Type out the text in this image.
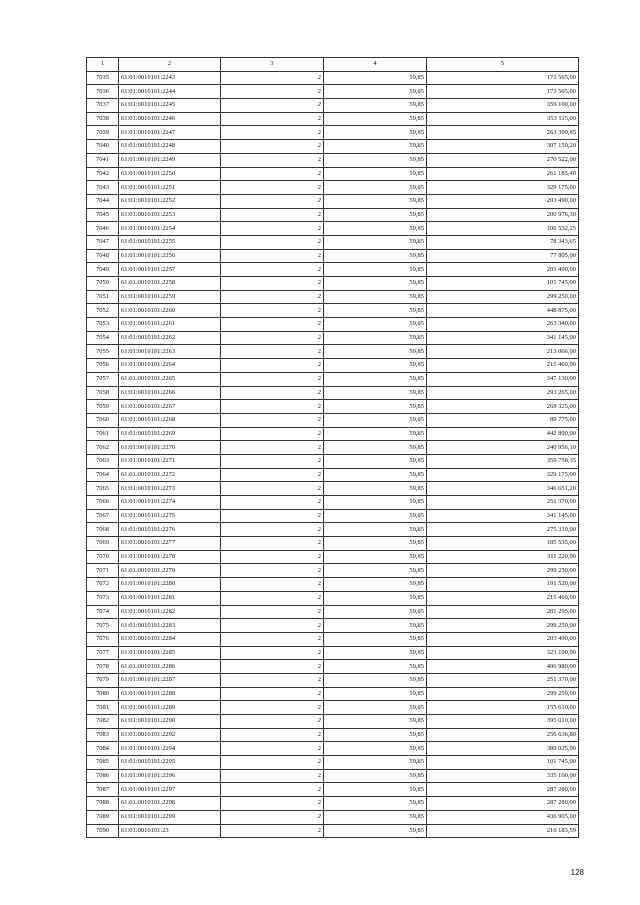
1	2	3	4	5
7035	61:01:0010101:2243	2	59,85	173 565,00
7036	61:01:0010101:2244	2	59,85	173 565,00
7037	61:01:0010101:2245	2	59,85	359 100,00
7038	61:01:0010101:2246	2	59,85	353 115,00
7039	61:01:0010101:2247	2	59,85	263 399,85
7040	61:01:0010101:2248	2	59,85	307 150,20
7041	61:01:0010101:2249	2	59,85	270 522,00
7042	61:01:0010101:2250	2	59,85	261 185,40
7043	61:01:0010101:2251	2	59,85	329 175,00
7044	61:01:0010101:2252	2	59,85	203 490,00
7045	61:01:0010101:2253	2	59,85	200 976,30
7046	61:01:0010101:2254	2	59,85	106 532,25
7047	61:01:0010101:2255	2	59,85	78 343,65
7048	61:01:0010101:2256	2	59,85	77 805,00
7049	61:01:0010101:2257	2	59,85	203 490,00
7050	61:01:0010101:2258	2	59,85	101 745,00
7051	61:01:0010101:2259	2	59,85	299 250,00
7052	61:01:0010101:2260	2	59,85	448 875,00
7053	61:01:0010101:2261	2	59,85	263 340,00
7054	61:01:0010101:2262	2	59,85	341 145,00
7055	61:01:0010101:2263	2	59,85	213 066,00
7056	61:01:0010101:2264	2	59,85	215 460,00
7057	61:01:0010101:2265	2	59,85	347 130,00
7058	61:01:0010101:2266	2	59,85	293 265,00
7059	61:01:0010101:2267	2	59,85	269 325,00
7060	61:01:0010101:2268	2	59,85	89 775,00
7061	61:01:0010101:2269	2	59,85	442 890,00
7062	61:01:0010101:2270	2	59,85	240 956,10
7063	61:01:0010101:2271	2	59,85	359 758,35
7064	61:01:0010101:2272	2	59,85	329 175,00
7065	61:01:0010101:2273	2	59,85	346 651,20
7066	61:01:0010101:2274	2	59,85	251 370,00
7067	61:01:0010101:2275	2	59,85	341 145,00
7068	61:01:0010101:2276	2	59,85	275 310,00
7069	61:01:0010101:2277	2	59,85	185 535,00
7070	61:01:0010101:2278	2	59,85	311 220,00
7071	61:01:0010101:2279	2	59,85	299 250,00
7072	61:01:0010101:2280	2	59,85	191 520,00
7073	61:01:0010101:2281	2	59,85	215 460,00
7074	61:01:0010101:2282	2	59,85	281 295,00
7075	61:01:0010101:2283	2	59,85	299 250,00
7076	61:01:0010101:2284	2	59,85	203 490,00
7077	61:01:0010101:2285	2	59,85	323 190,00
7078	61:01:0010101:2286	2	59,85	406 980,00
7079	61:01:0010101:2287	2	59,85	251 370,00
7080	61:01:0010101:2288	2	59,85	299 250,00
7081	61:01:0010101:2289	2	59,85	155 610,00
7082	61:01:0010101:2290	2	59,85	395 010,00
7083	61:01:0010101:2292	2	59,85	256 636,80
7084	61:01:0010101:2294	2	59,85	389 025,00
7085	61:01:0010101:2295	2	59,85	101 745,00
7086	61:01:0010101:2296	2	59,85	335 160,00
7087	61:01:0010101:2297	2	59,85	287 280,00
7088	61:01:0010101:2298	2	59,85	287 280,00
7089	61:01:0010101:2299	2	59,85	436 905,00
7090	61:01:0010101:23	2	59,85	216 183,59
128
